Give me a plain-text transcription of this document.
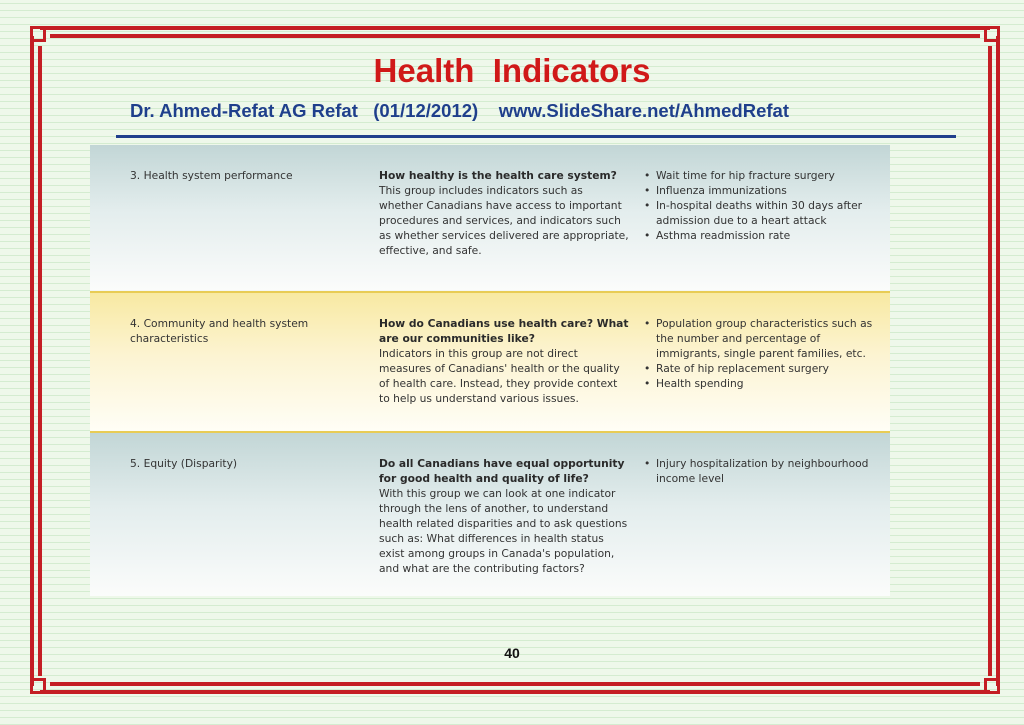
Health  Indicators
Dr. Ahmed-Refat AG Refat   (01/12/2012)    www.SlideShare.net/AhmedRefat
3. Health system performance	How healthy is the health care system?
This group includes indicators such as whether Canadians have access to important procedures and services, and indicators such as whether services delivered are appropriate, effective, and safe.
• Wait time for hip fracture surgery
• Influenza immunizations
• In-hospital deaths within 30 days after admission due to a heart attack
• Asthma readmission rate
4. Community and health system characteristics
How do Canadians use health care? What are our communities like?
Indicators in this group are not direct measures of Canadians' health or the quality of health care. Instead, they provide context to help us understand various issues.
• Population group characteristics such as the number and percentage of immigrants, single parent families, etc.
• Rate of hip replacement surgery
• Health spending
5. Equity (Disparity)	Do all Canadians have equal opportunity for good health and quality of life?
With this group we can look at one indicator through the lens of another, to understand health related disparities and to ask questions such as: What differences in health status exist among groups in Canada's population, and what are the contributing factors?
• Injury hospitalization by neighbourhood income level
40
